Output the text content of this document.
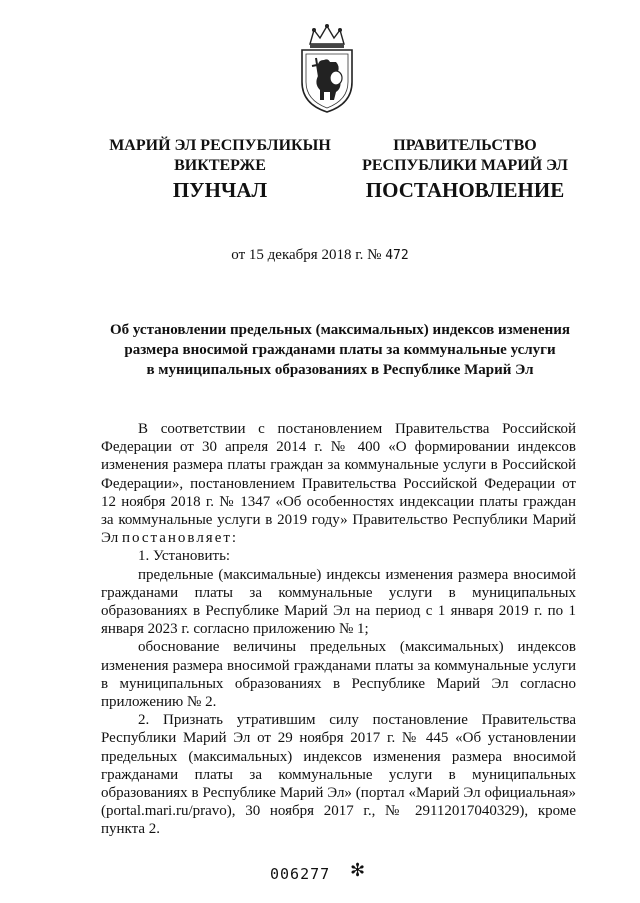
МАРИЙ ЭЛ РЕСПУБЛИКЫН
ВИКТЕРЖЕ
ПРАВИТЕЛЬСТВО
РЕСПУБЛИКИ МАРИЙ ЭЛ
ПУНЧАЛ	ПОСТАНОВЛЕНИЕ
от 15 декабря 2018 г. № 472
Об установлении предельных (максимальных) индексов изменения
размера вносимой гражданами платы за коммунальные услуги
в муниципальных образованиях в Республике Марий Эл

В соответствии с постановлением Правительства Российской Федерации от 30 апреля 2014 г. № 400 «О формировании индексов изменения размера платы граждан за коммунальные услуги в Российской Федерации», постановлением Правительства Российской Федерации от 12 ноября 2018 г. № 1347 «Об особенностях индексации платы граждан за коммунальные услуги в 2019 году» Правительство Республики Марий Эл постановляет:

1. Установить:

предельные (максимальные) индексы изменения размера вносимой гражданами платы за коммунальные услуги в муниципальных образованиях в Республике Марий Эл на период с 1 января 2019 г. по 1 января 2023 г. согласно приложению № 1;

обоснование величины предельных (максимальных) индексов изменения размера вносимой гражданами платы за коммунальные услуги в муниципальных образованиях в Республике Марий Эл согласно приложению № 2.

2. Признать утратившим силу постановление Правительства Республики Марий Эл от 29 ноября 2017 г. № 445 «Об установлении предельных (максимальных) индексов изменения размера вносимой гражданами платы за коммунальные услуги в муниципальных образованиях в Республике Марий Эл» (портал «Марий Эл официальная» (portal.mari.ru/pravo), 30 ноября 2017 г., № 29112017040329), кроме пункта 2.

006277 ✻
